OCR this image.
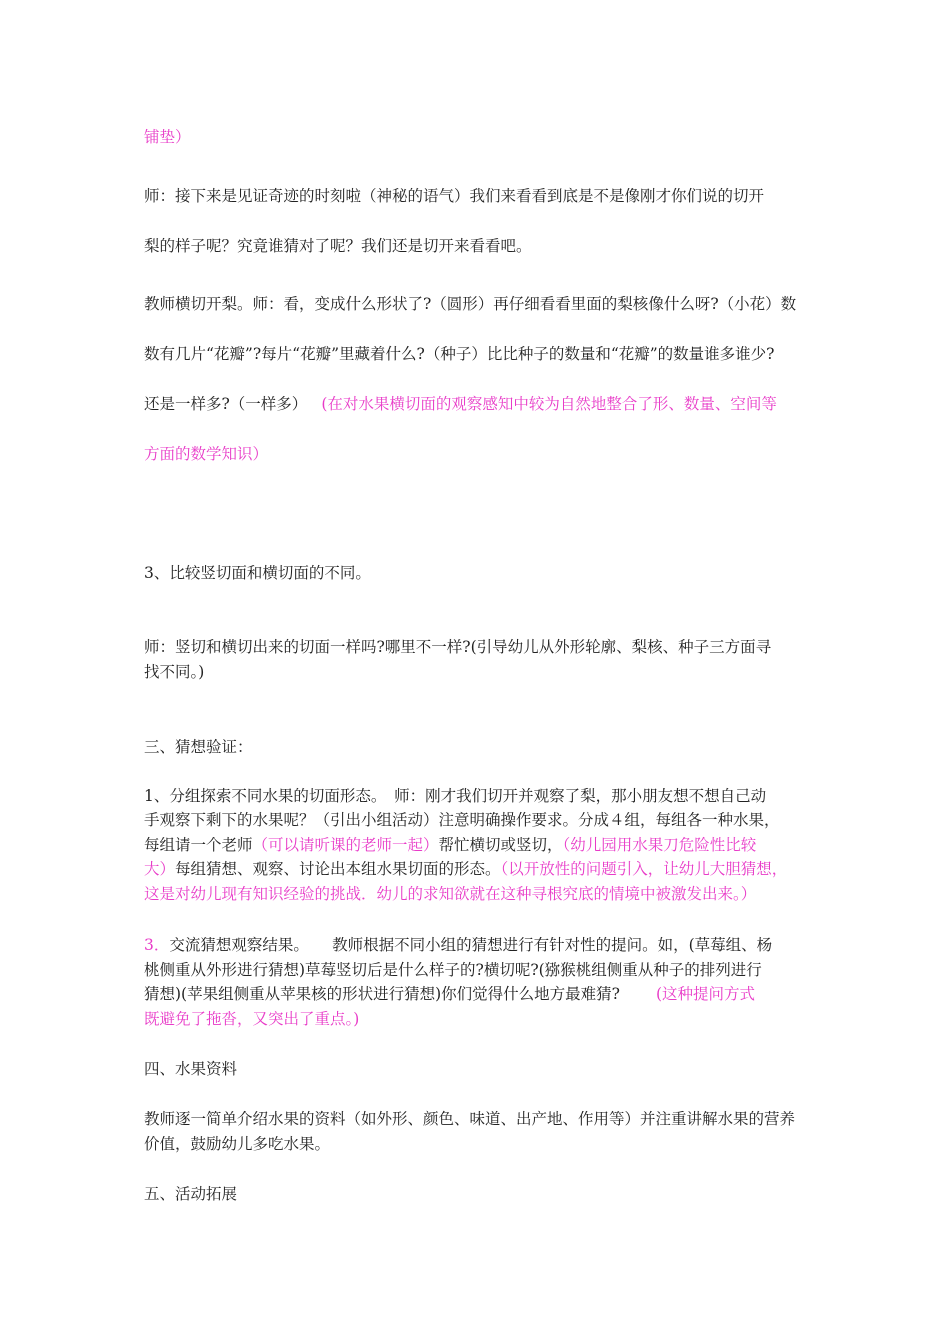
铺垫）
师：接下来是见证奇迹的时刻啦（神秘的语气）我们来看看到底是不是像刚才你们说的切开
梨的样子呢？究竟谁猜对了呢？我们还是切开来看看吧。
教师横切开梨。师：看，变成什么形状了?（圆形）再仔细看看里面的梨核像什么呀?（小花）数
数有几片“花瓣”?每片“花瓣”里藏着什么?（种子）比比种子的数量和“花瓣”的数量谁多谁少?
还是一样多?（一样多） (在对水果横切面的观察感知中较为自然地整合了形、数量、空间等
方面的数学知识）
3、比较竖切面和横切面的不同。
师：竖切和横切出来的切面一样吗?哪里不一样?(引导幼儿从外形轮廓、梨核、种子三方面寻
找不同。)
三、猜想验证：
1、分组探索不同水果的切面形态。　师：刚才我们切开并观察了梨，那小朋友想不想自己动
手观察下剩下的水果呢？（引出小组活动）注意明确操作要求。分成４组，每组各一种水果，
每组请一个老师（可以请听课的老师一起）帮忙横切或竖切，（幼儿园用水果刀危险性比较
大）每组猜想、观察、讨论出本组水果切面的形态。（以开放性的问题引入，让幼儿大胆猜想，
这是对幼儿现有知识经验的挑战．幼儿的求知欲就在这种寻根究底的情境中被激发出来。）
3．交流猜想观察结果。　　教师根据不同小组的猜想进行有针对性的提问。如，(草莓组、杨
桃侧重从外形进行猜想)草莓竖切后是什么样子的?横切呢?(猕猴桃组侧重从种子的排列进行
猜想)(苹果组侧重从苹果核的形状进行猜想)你们觉得什么地方最难猜? (这种提问方式
既避免了拖沓，又突出了重点。)
四、水果资料
教师逐一简单介绍水果的资料（如外形、颜色、味道、出产地、作用等）并注重讲解水果的营养
价值，鼓励幼儿多吃水果。
五、活动拓展
